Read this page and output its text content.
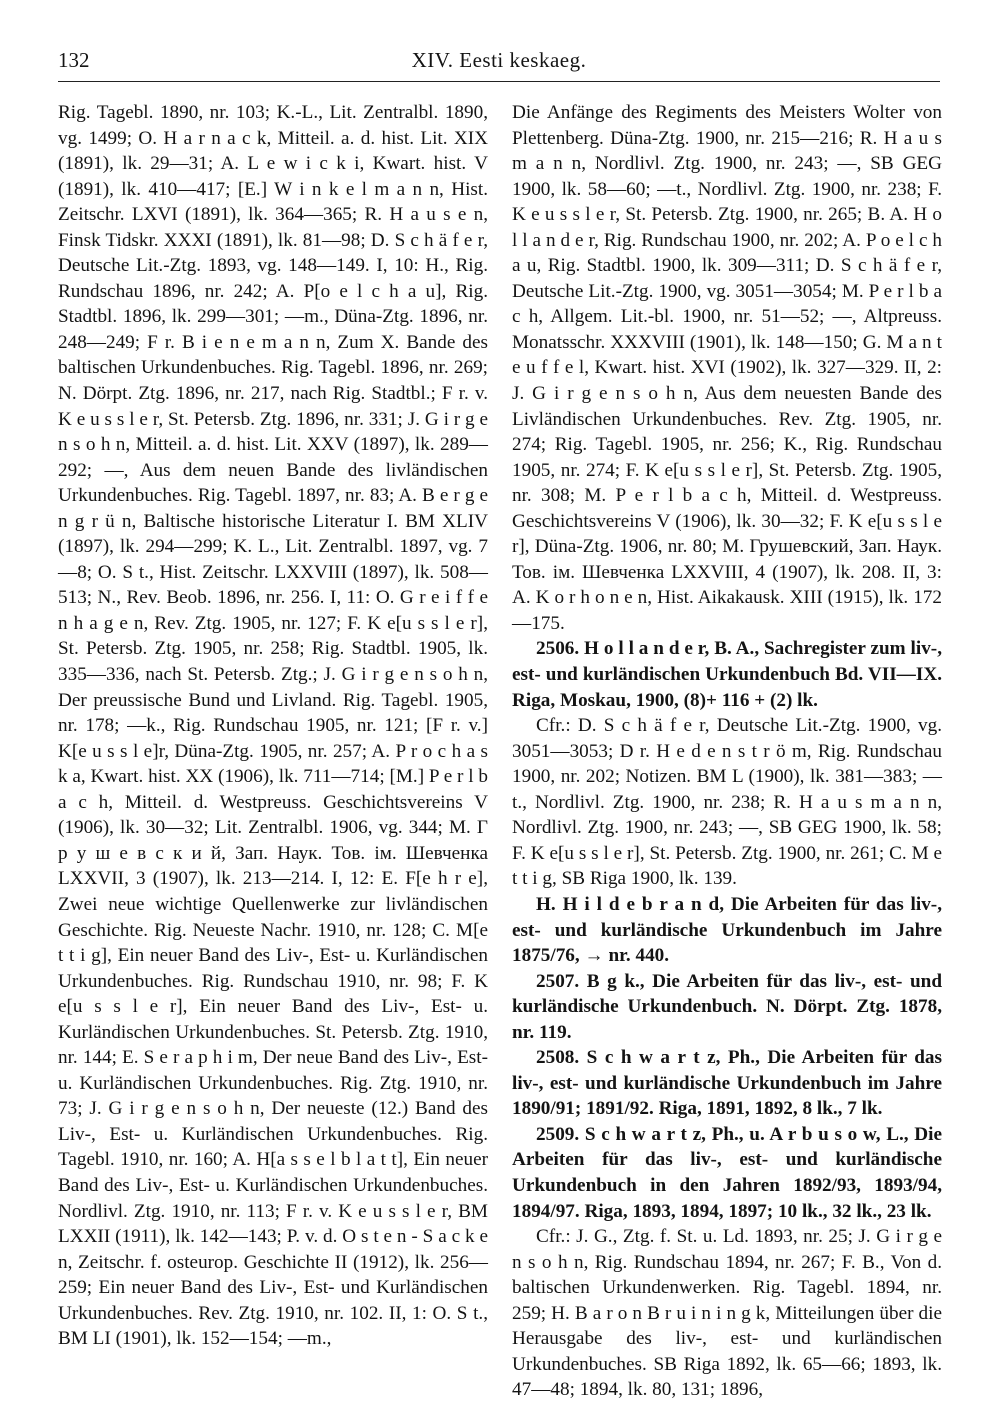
132	XIV. Eesti keskaeg.

Rig. Tagebl. 1890, nr. 103; K.-L., Lit. Zentralbl. 1890, vg. 1499; O. H a r n a c k, Mitteil. a. d. hist. Lit. XIX (1891), lk. 29—31; A. L e w i c k i, Kwart. hist. V (1891), lk. 410—417; [E.] W i n k e l m a n n, Hist. Zeitschr. LXVI (1891), lk. 364—365; R. H a u s e n, Finsk Tidskr. XXXI (1891), lk. 81—98; D. S c h ä f e r, Deutsche Lit.-Ztg. 1893, vg. 148—149. I, 10: H., Rig. Rundschau 1896, nr. 242; A. P[o e l c h a u], Rig. Stadtbl. 1896, lk. 299—301; —m., Düna-Ztg. 1896, nr. 248—249; F r. B i e n e m a n n, Zum X. Bande des baltischen Urkundenbuches. Rig. Tagebl. 1896, nr. 269; N. Dörpt. Ztg. 1896, nr. 217, nach Rig. Stadtbl.; F r. v. K e u s s l e r, St. Petersb. Ztg. 1896, nr. 331; J. G i r g e n s o h n, Mitteil. a. d. hist. Lit. XXV (1897), lk. 289—292; —, Aus dem neuen Bande des livländischen Urkundenbuches. Rig. Tagebl. 1897, nr. 83; A. B e r g e n g r ü n, Baltische historische Literatur I. BM XLIV (1897), lk. 294—299; K. L., Lit. Zentralbl. 1897, vg. 7—8; O. S t., Hist. Zeitschr. LXXVIII (1897), lk. 508—513; N., Rev. Beob. 1896, nr. 256. I, 11: O. G r e i f f e n h a g e n, Rev. Ztg. 1905, nr. 127; F. K e[u s s l e r], St. Petersb. Ztg. 1905, nr. 258; Rig. Stadtbl. 1905, lk. 335—336, nach St. Petersb. Ztg.; J. G i r g e n s o h n, Der preussische Bund und Livland. Rig. Tagebl. 1905, nr. 178; —k., Rig. Rundschau 1905, nr. 121; [F r. v.] K[e u s s l e]r, Düna-Ztg. 1905, nr. 257; A. P r o c h a s k a, Kwart. hist. XX (1906), lk. 711—714; [M.] P e r l b a c h, Mitteil. d. Westpreuss. Geschichtsvereins V (1906), lk. 30—32; Lit. Zentralbl. 1906, vg. 344; М. Г р у ш е в с к и й, Зап. Наук. Тов. ім. Шевченка LXXVII, 3 (1907), lk. 213—214. I, 12: E. F[e h r e], Zwei neue wichtige Quellenwerke zur livländischen Geschichte. Rig. Neueste Nachr. 1910, nr. 128; C. M[e t t i g], Ein neuer Band des Liv-, Est- u. Kurländischen Urkundenbuches. Rig. Rundschau 1910, nr. 98; F. K e[u s s l e r], Ein neuer Band des Liv-, Est- u. Kurländischen Urkundenbuches. St. Petersb. Ztg. 1910, nr. 144; E. S e r a p h i m, Der neue Band des Liv-, Est- u. Kurländischen Urkundenbuches. Rig. Ztg. 1910, nr. 73; J. G i r g e n s o h n, Der neueste (12.) Band des Liv-, Est- u. Kurländischen Urkundenbuches. Rig. Tagebl. 1910, nr. 160; A. H[a s s e l b l a t t], Ein neuer Band des Liv-, Est- u. Kurländischen Urkundenbuches. Nordlivl. Ztg. 1910, nr. 113; F r. v. K e u s s l e r, BM LXXII (1911), lk. 142—143; P. v. d. O s t e n - S a c k e n, Zeitschr. f. osteurop. Geschichte II (1912), lk. 256—259; Ein neuer Band des Liv-, Est- und Kurländischen Urkundenbuches. Rev. Ztg. 1910, nr. 102. II, 1: O. S t., BM LI (1901), lk. 152—154; —m.,

Die Anfänge des Regiments des Meisters Wolter von Plettenberg. Düna-Ztg. 1900, nr. 215—216; R. H a u s m a n n, Nordlivl. Ztg. 1900, nr. 243; —, SB GEG 1900, lk. 58—60; —t., Nordlivl. Ztg. 1900, nr. 238; F. K e u s s l e r, St. Petersb. Ztg. 1900, nr. 265; B. A. H o l l a n d e r, Rig. Rundschau 1900, nr. 202; A. P o e l c h a u, Rig. Stadtbl. 1900, lk. 309—311; D. S c h ä f e r, Deutsche Lit.-Ztg. 1900, vg. 3051—3054; M. P e r l b a c h, Allgem. Lit.-bl. 1900, nr. 51—52; —, Altpreuss. Monatsschr. XXXVIII (1901), lk. 148—150; G. M a n t e u f f e l, Kwart. hist. XVI (1902), lk. 327—329. II, 2: J. G i r g e n s o h n, Aus dem neuesten Bande des Livländischen Urkundenbuches. Rev. Ztg. 1905, nr. 274; Rig. Tagebl. 1905, nr. 256; K., Rig. Rundschau 1905, nr. 274; F. K e[u s s l e r], St. Petersb. Ztg. 1905, nr. 308; M. P e r l b a c h, Mitteil. d. Westpreuss. Geschichtsvereins V (1906), lk. 30—32; F. K e[u s s l e r], Düna-Ztg. 1906, nr. 80; М. Грушевский, Зап. Наук. Тов. ім. Шевченка LXXVIII, 4 (1907), lk. 208. II, 3: A. K o r h o n e n, Hist. Aikakausk. XIII (1915), lk. 172—175.

2506. H o l l a n d e r, B. A., Sachregister zum liv-, est- und kurländischen Urkundenbuch Bd. VII—IX. Riga, Moskau, 1900, (8)+ 116 + (2) lk.

Cfr.: D. S c h ä f e r, Deutsche Lit.-Ztg. 1900, vg. 3051—3053; D r. H e d e n s t r ö m, Rig. Rundschau 1900, nr. 202; Notizen. BM L (1900), lk. 381—383; —t., Nordlivl. Ztg. 1900, nr. 238; R. H a u s m a n n, Nordlivl. Ztg. 1900, nr. 243; —, SB GEG 1900, lk. 58; F. K e[u s s l e r], St. Petersb. Ztg. 1900, nr. 261; C. M e t t i g, SB Riga 1900, lk. 139.

H. H i l d e b r a n d, Die Arbeiten für das liv-, est- und kurländische Urkundenbuch im Jahre 1875/76, → nr. 440.

2507. B g k., Die Arbeiten für das liv-, est- und kurländische Urkundenbuch. N. Dörpt. Ztg. 1878, nr. 119.

2508. S c h w a r t z, Ph., Die Arbeiten für das liv-, est- und kurländische Urkundenbuch im Jahre 1890/91; 1891/92. Riga, 1891, 1892, 8 lk., 7 lk.

2509. S c h w a r t z, Ph., u. A r b u s o w, L., Die Arbeiten für das liv-, est- und kurländische Urkundenbuch in den Jahren 1892/93, 1893/94, 1894/97. Riga, 1893, 1894, 1897; 10 lk., 32 lk., 23 lk.

Cfr.: J. G., Ztg. f. St. u. Ld. 1893, nr. 25; J. G i r g e n s o h n, Rig. Rundschau 1894, nr. 267; F. B., Von d. baltischen Urkundenwerken. Rig. Tagebl. 1894, nr. 259; H. B a r o n B r u i n i n g k, Mitteilungen über die Herausgabe des liv-, est- und kurländischen Urkundenbuches. SB Riga 1892, lk. 65—66; 1893, lk. 47—48; 1894, lk. 80, 131; 1896,
